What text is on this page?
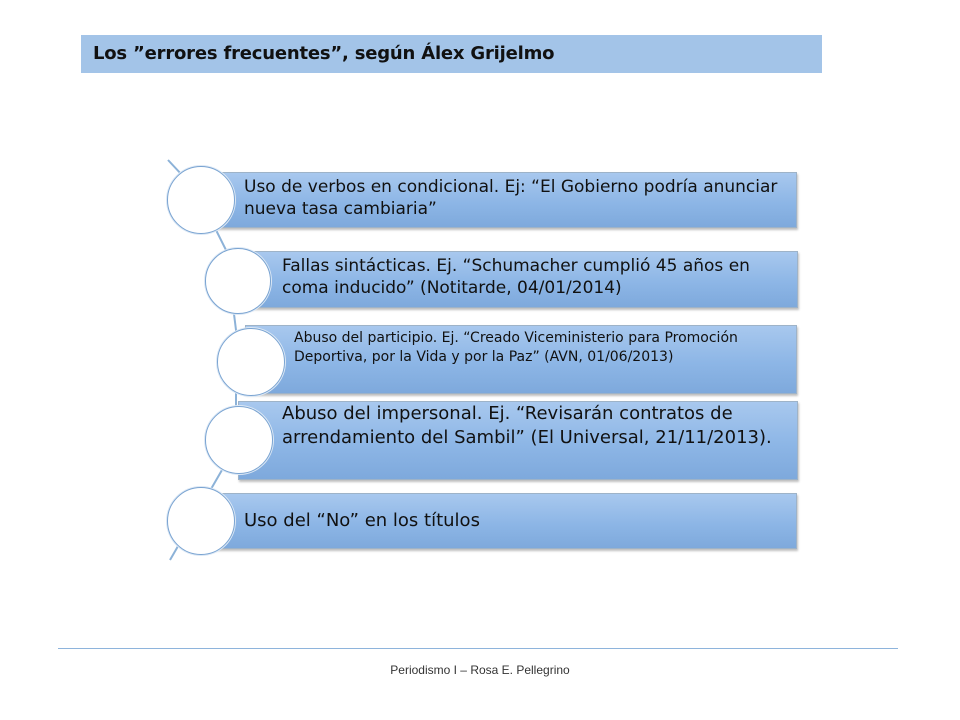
Los ”errores frecuentes”, según Álex Grijelmo
Uso de verbos en condicional. Ej: “El Gobierno podría anunciar nueva tasa cambiaria”
Fallas sintácticas. Ej. “Schumacher cumplió 45 años en coma inducido” (Notitarde, 04/01/2014)
Abuso del participio. Ej. “Creado Viceministerio para Promoción Deportiva, por la Vida y por la Paz” (AVN, 01/06/2013)
Abuso del impersonal. Ej. “Revisarán contratos de arrendamiento del Sambil” (El Universal, 21/11/2013).
Uso del “No” en los títulos
Periodismo I – Rosa E. Pellegrino
